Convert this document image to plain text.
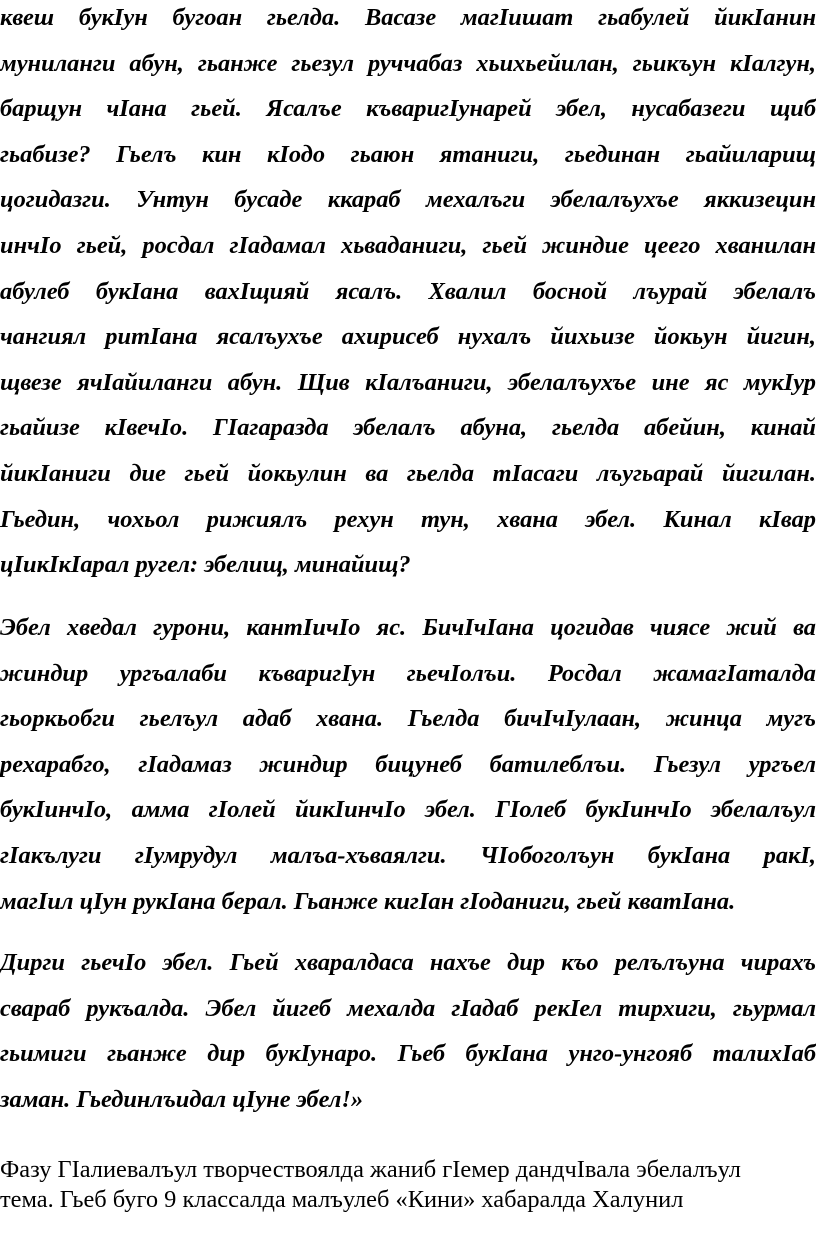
квеш букIун бугоан гьелда. Васазе магIишат гьабулей йикIанин
муниланги абун, гьанже гьезул руччабаз хьихьейилан, гьикъун кIалгун,
барщун чIана гьей. Ясалъе къваригIунарей эбел, нусабазеги щиб
гьабизе? Гьелъ кин кIодо гьаюн ятаниги, гьединан гьайиларищ
цогидазги. Унтун бусаде ккараб мехалъги эбелалъухъе яккизецин
инчIо гьей, росдал гIадамал хьваданиги, гьей жиндие цеего хванилан
абулеб букIана вахIщияй ясалъ. Хвалил босной лъурай эбелалъ
чангиял ритIана ясалъухъе ахирисеб нухалъ йихьизе йокьун йигин,
щвезе ячIайиланги абун. Щив кIалъаниги, эбелалъухъе ине яс мукIур
гьайизе кIвечIо. ГIагаразда эбелалъ абуна, гьелда абейин, кинай
йикIаниги дие гьей йокьулин ва гьелда тIасаги лъугьарай йигилан.
Гьедин, чохьол рижиялъ рехун тун, хвана эбел. Кинал кIвар
цIикIкIарал ругел: эбелищ, минайищ?
Эбел хведал гурони, кантIичIо яс. БичIчIана цогидав чиясе жий ва
жиндир ургъалаби къваригIун гьечIолъи. Росдал жамагIаталда
гьоркьобги гьелъул адаб хвана. Гьелда бичIчIулаан, жинца мугъ
рехарабго, гIадамаз жиндир бицунеб батилеблъи. Гьезул ургъел
букIинчIо, амма гIолей йикIинчIо эбел. ГIолеб букIинчIо эбелалъул
гIакълуги гIумрудул малъа-хъваялги. ЧIобоголъун букIана ракI,
магIил цIун рукIана берал. Гьанже кигIан гIоданиги, гьей кватIана.
Дирги гьечIо эбел. Гьей хваралдаса нахъе дир къо релълъуна чирахъ
свараб рукъалда. Эбел йигеб мехалда гIадаб рекIел тирхиги, гьурмал
гьимиги гьанже дир букIунаро. Гьеб букIана унго-унгояб талихIаб
заман. Гьединлъидал цIуне эбел!»
Фазу ГIалиевалъул творчествоялда жаниб гIемер дандчIвала эбелалъул
тема. Гьеб буго 9 классалда малъулеб «Кини» хабаралда Халунил
